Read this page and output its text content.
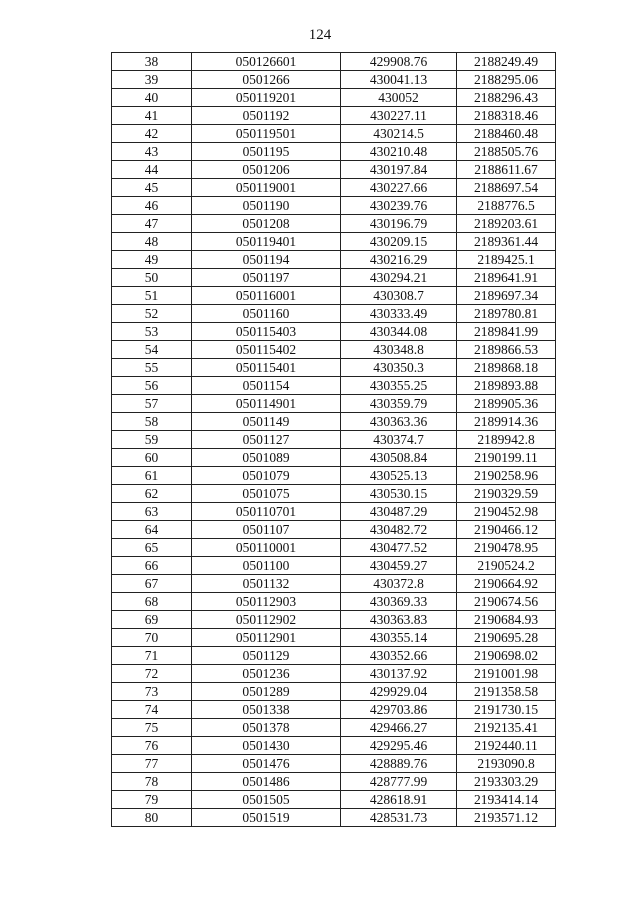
124
38	050126601	429908.76	2188249.49
39	0501266	430041.13	2188295.06
40	050119201	430052	2188296.43
41	0501192	430227.11	2188318.46
42	050119501	430214.5	2188460.48
43	0501195	430210.48	2188505.76
44	0501206	430197.84	2188611.67
45	050119001	430227.66	2188697.54
46	0501190	430239.76	2188776.5
47	0501208	430196.79	2189203.61
48	050119401	430209.15	2189361.44
49	0501194	430216.29	2189425.1
50	0501197	430294.21	2189641.91
51	050116001	430308.7	2189697.34
52	0501160	430333.49	2189780.81
53	050115403	430344.08	2189841.99
54	050115402	430348.8	2189866.53
55	050115401	430350.3	2189868.18
56	0501154	430355.25	2189893.88
57	050114901	430359.79	2189905.36
58	0501149	430363.36	2189914.36
59	0501127	430374.7	2189942.8
60	0501089	430508.84	2190199.11
61	0501079	430525.13	2190258.96
62	0501075	430530.15	2190329.59
63	050110701	430487.29	2190452.98
64	0501107	430482.72	2190466.12
65	050110001	430477.52	2190478.95
66	0501100	430459.27	2190524.2
67	0501132	430372.8	2190664.92
68	050112903	430369.33	2190674.56
69	050112902	430363.83	2190684.93
70	050112901	430355.14	2190695.28
71	0501129	430352.66	2190698.02
72	0501236	430137.92	2191001.98
73	0501289	429929.04	2191358.58
74	0501338	429703.86	2191730.15
75	0501378	429466.27	2192135.41
76	0501430	429295.46	2192440.11
77	0501476	428889.76	2193090.8
78	0501486	428777.99	2193303.29
79	0501505	428618.91	2193414.14
80	0501519	428531.73	2193571.12
